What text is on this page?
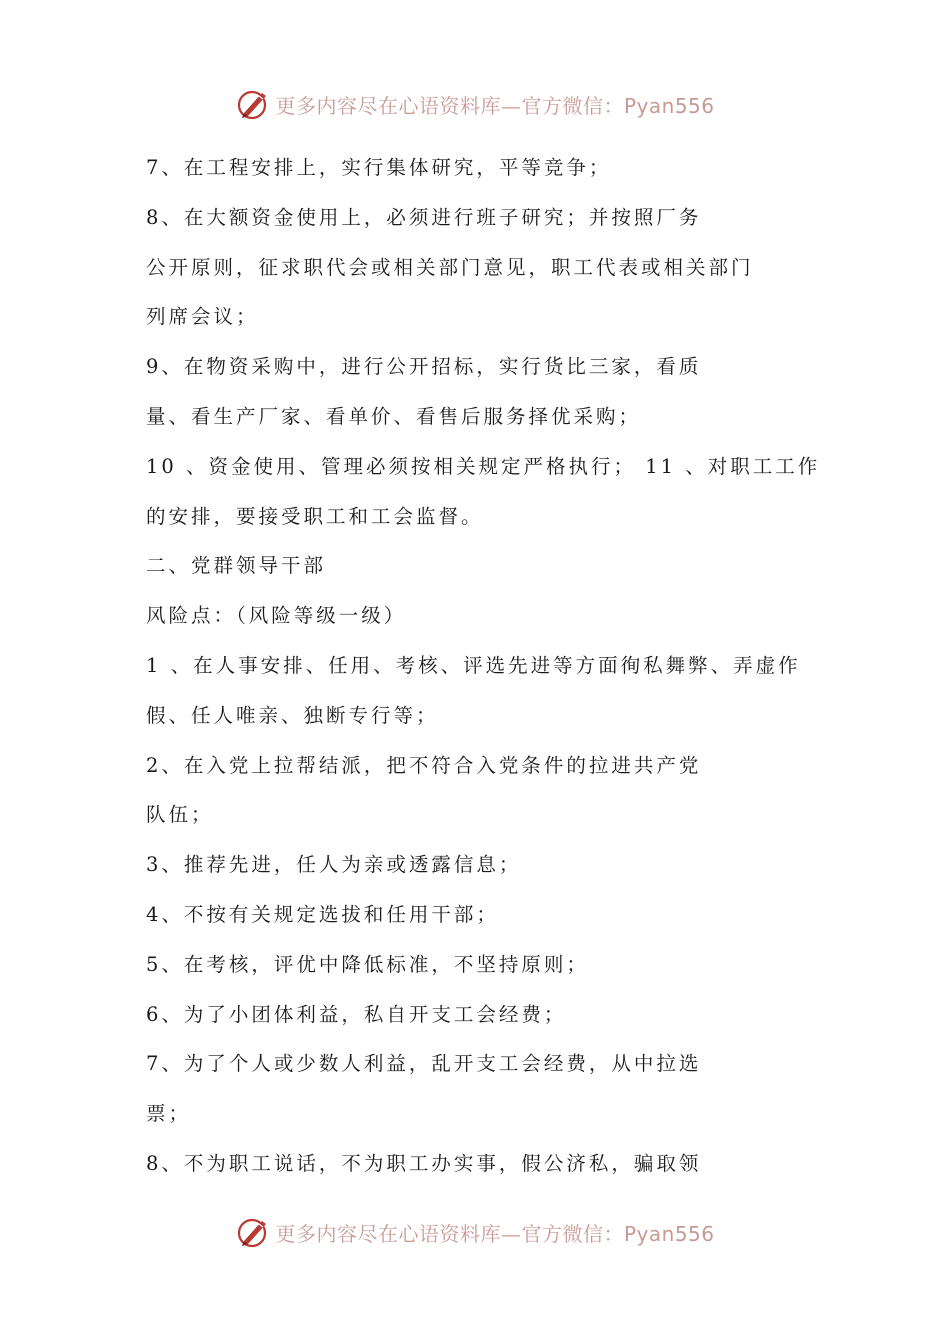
更多内容尽在心语资料库—官方微信：Pyan556
7、在工程安排上，实行集体研究，平等竞争；
8、在大额资金使用上，必须进行班子研究；并按照厂务
公开原则，征求职代会或相关部门意见，职工代表或相关部门
列席会议；
9、在物资采购中，进行公开招标，实行货比三家，看质
量、看生产厂家、看单价、看售后服务择优采购；
10 、资金使用、管理必须按相关规定严格执行； 11 、对职工工作
的安排，要接受职工和工会监督。
二、党群领导干部
风险点：（风险等级一级）
1 、在人事安排、任用、考核、评选先进等方面徇私舞弊、弄虚作
假、任人唯亲、独断专行等；
2、在入党上拉帮结派，把不符合入党条件的拉进共产党
队伍；
3、推荐先进，任人为亲或透露信息；
4、不按有关规定选拔和任用干部；
5、在考核，评优中降低标准，不坚持原则；
6、为了小团体利益，私自开支工会经费；
7、为了个人或少数人利益，乱开支工会经费，从中拉选
票；
8、不为职工说话，不为职工办实事，假公济私，骗取领
更多内容尽在心语资料库—官方微信：Pyan556
